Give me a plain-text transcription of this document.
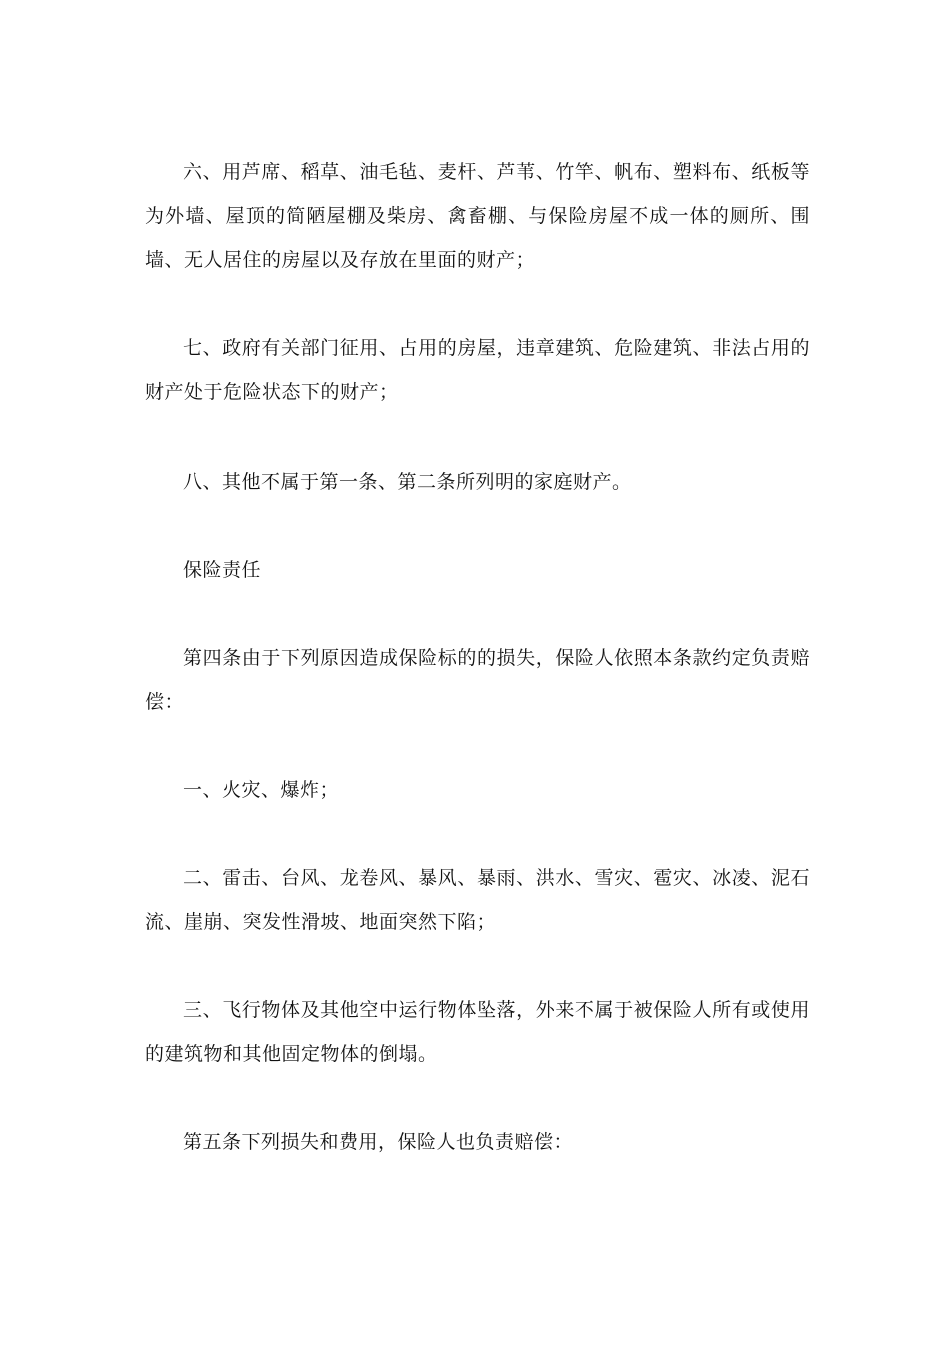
六、用芦席、稻草、油毛毡、麦杆、芦苇、竹竿、帆布、塑料布、纸板等为外墙、屋顶的简陋屋棚及柴房、禽畜棚、与保险房屋不成一体的厕所、围墙、无人居住的房屋以及存放在里面的财产；

七、政府有关部门征用、占用的房屋，违章建筑、危险建筑、非法占用的财产处于危险状态下的财产；

八、其他不属于第一条、第二条所列明的家庭财产。

保险责任

第四条由于下列原因造成保险标的的损失，保险人依照本条款约定负责赔偿：

一、火灾、爆炸；

二、雷击、台风、龙卷风、暴风、暴雨、洪水、雪灾、雹灾、冰凌、泥石流、崖崩、突发性滑坡、地面突然下陷；

三、飞行物体及其他空中运行物体坠落，外来不属于被保险人所有或使用的建筑物和其他固定物体的倒塌。

第五条下列损失和费用，保险人也负责赔偿：
